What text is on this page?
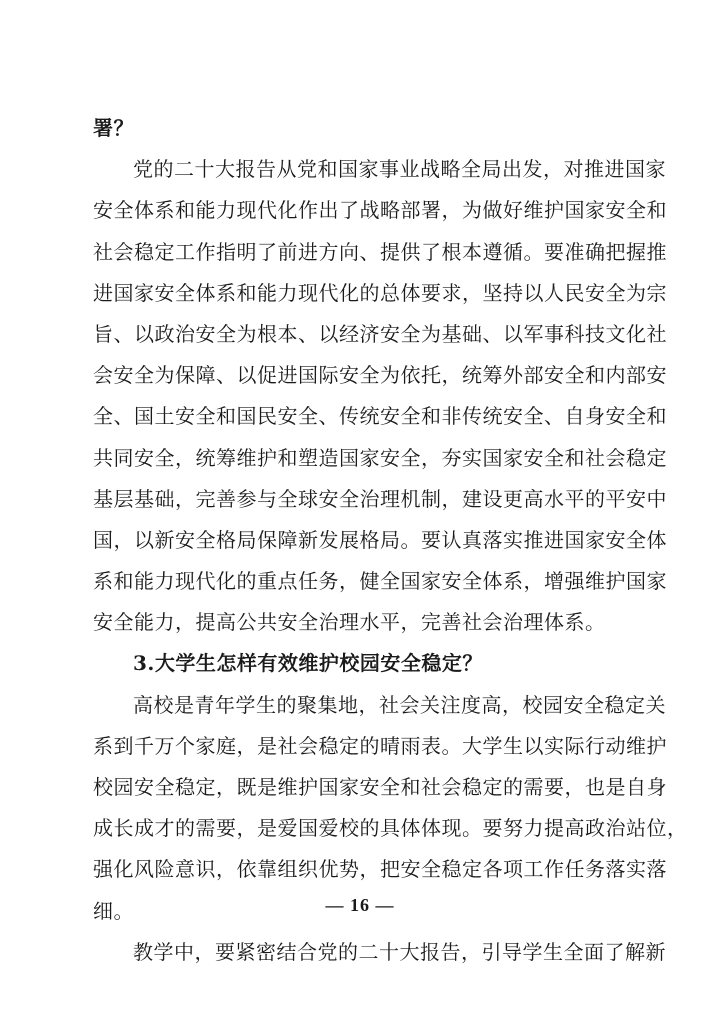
署？
党的二十大报告从党和国家事业战略全局出发，对推进国家
安全体系和能力现代化作出了战略部署，为做好维护国家安全和
社会稳定工作指明了前进方向、提供了根本遵循。要准确把握推
进国家安全体系和能力现代化的总体要求，坚持以人民安全为宗
旨、以政治安全为根本、以经济安全为基础、以军事科技文化社
会安全为保障、以促进国际安全为依托，统筹外部安全和内部安
全、国土安全和国民安全、传统安全和非传统安全、自身安全和
共同安全，统筹维护和塑造国家安全，夯实国家安全和社会稳定
基层基础，完善参与全球安全治理机制，建设更高水平的平安中
国，以新安全格局保障新发展格局。要认真落实推进国家安全体
系和能力现代化的重点任务，健全国家安全体系，增强维护国家
安全能力，提高公共安全治理水平，完善社会治理体系。
3.大学生怎样有效维护校园安全稳定？
高校是青年学生的聚集地，社会关注度高，校园安全稳定关
系到千万个家庭，是社会稳定的晴雨表。大学生以实际行动维护
校园安全稳定，既是维护国家安全和社会稳定的需要，也是自身
成长成才的需要，是爱国爱校的具体体现。要努力提高政治站位，
强化风险意识，依靠组织优势，把安全稳定各项工作任务落实落
细。
教学中，要紧密结合党的二十大报告，引导学生全面了解新
— 16 —
